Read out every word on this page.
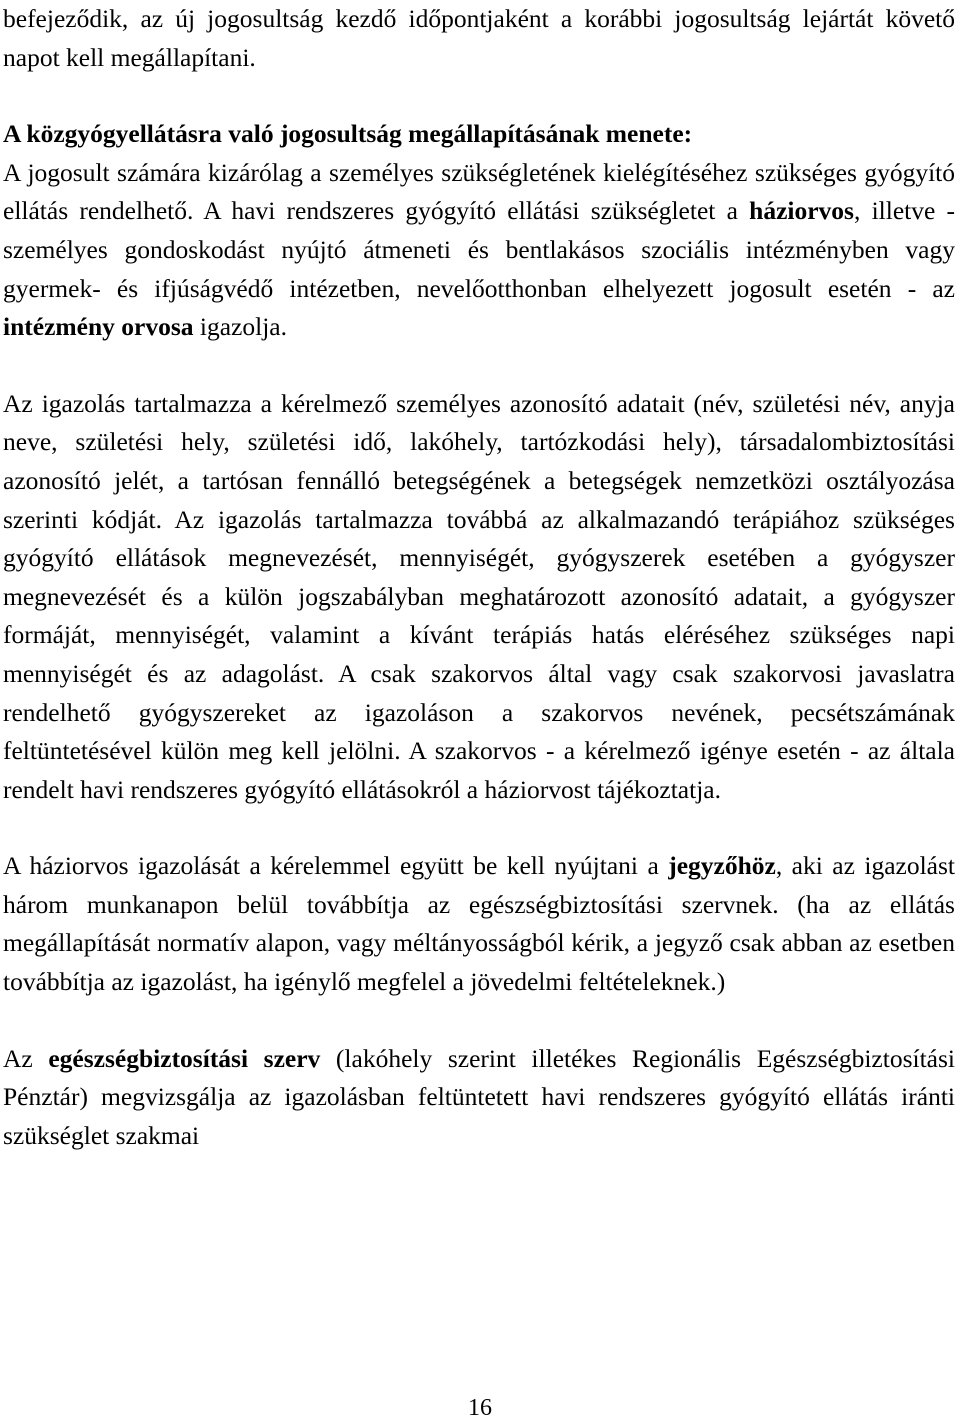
befejeződik, az új jogosultság kezdő időpontjaként a korábbi jogosultság lejártát követő napot kell megállapítani.

A közgyógyellátásra való jogosultság megállapításának menete:
A jogosult számára kizárólag a személyes szükségletének kielégítéséhez szükséges gyógyító ellátás rendelhető. A havi rendszeres gyógyító ellátási szükségletet a háziorvos, illetve - személyes gondoskodást nyújtó átmeneti és bentlakásos szociális intézményben vagy gyermek- és ifjúságvédő intézetben, nevelőotthonban elhelyezett jogosult esetén - az intézmény orvosa igazolja.

Az igazolás tartalmazza a kérelmező személyes azonosító adatait (név, születési név, anyja neve, születési hely, születési idő, lakóhely, tartózkodási hely), társadalombiztosítási azonosító jelét, a tartósan fennálló betegségének a betegségek nemzetközi osztályozása szerinti kódját. Az igazolás tartalmazza továbbá az alkalmazandó terápiához szükséges gyógyító ellátások megnevezését, mennyiségét, gyógyszerek esetében a gyógyszer megnevezését és a külön jogszabályban meghatározott azonosító adatait, a gyógyszer formáját, mennyiségét, valamint a kívánt terápiás hatás eléréséhez szükséges napi mennyiségét és az adagolást. A csak szakorvos által vagy csak szakorvosi javaslatra rendelhető gyógyszereket az igazoláson a szakorvos nevének, pecsétszámának feltüntetésével külön meg kell jelölni. A szakorvos - a kérelmező igénye esetén - az általa rendelt havi rendszeres gyógyító ellátásokról a háziorvost tájékoztatja.

A háziorvos igazolását a kérelemmel együtt be kell nyújtani a jegyzőhöz, aki az igazolást három munkanapon belül továbbítja az egészségbiztosítási szervnek. (ha az ellátás megállapítását normatív alapon, vagy méltányosságból kérik, a jegyző csak abban az esetben továbbítja az igazolást, ha igénylő megfelel a jövedelmi feltételeknek.)

Az egészségbiztosítási szerv (lakóhely szerint illetékes Regionális Egészségbiztosítási Pénztár) megvizsgálja az igazolásban feltüntetett havi rendszeres gyógyító ellátás iránti szükséglet szakmai

16
